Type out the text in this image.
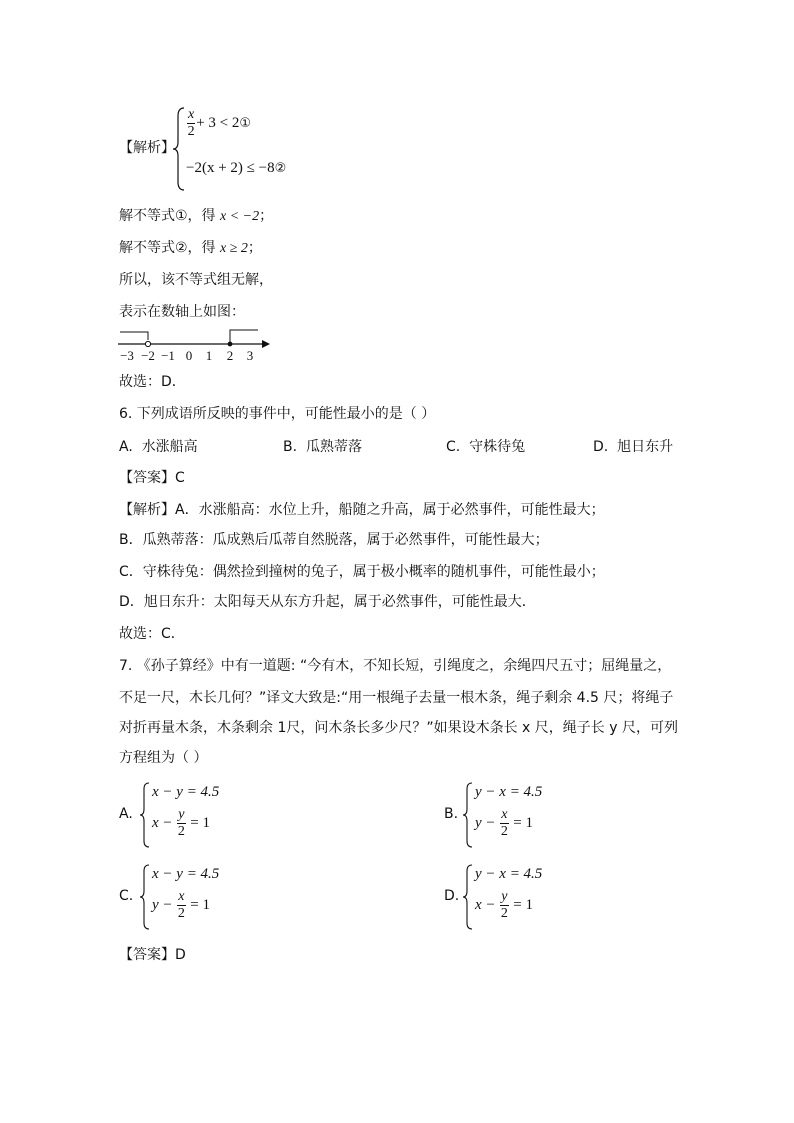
【解析】
$\frac{x}{2} + 3$ < 2①
−2(x + 2) ≤ −8②
解不等式①，得 x < −2；
解不等式②，得 x ≥ 2；
所以，该不等式组无解，
表示在数轴上如图：
−3 −2 −1 0 1 2 3
故选：D．
6. 下列成语所反映的事件中，可能性最小的是（ ）
A. 水涨船高	B. 瓜熟蒂落	C. 守株待兔	D. 旭日东升
【答案】C
【解析】A．水涨船高：水位上升，船随之升高，属于必然事件，可能性最大；
B．瓜熟蒂落：瓜成熟后瓜蒂自然脱落，属于必然事件，可能性最大；
C．守株待兔：偶然捡到撞树的兔子，属于极小概率的随机事件，可能性最小；
D．旭日东升：太阳每天从东方升起，属于必然事件，可能性最大．
故选：C．
7. 《孙子算经》中有一道题: “今有木，不知长短，引绳度之，余绳四尺五寸；屈绳量之，
不足一尺，木长几何？”译文大致是:“用一根绳子去量一根木条，绳子剩余 4.5 尺；将绳子
对折再量木条，木条剩余 1尺，问木条长多少尺？”如果设木条长 x 尺，绳子长 y 尺，可列
方程组为（ ）
A.
x − y = 4.5
$x - \frac{y}{2} = 1$
B.
y − x = 4.5
$y - \frac{x}{2} = 1$
C.
x − y = 4.5
$y - \frac{x}{2} = 1$
D.
y − x = 4.5
$x - \frac{y}{2} = 1$
【答案】D
